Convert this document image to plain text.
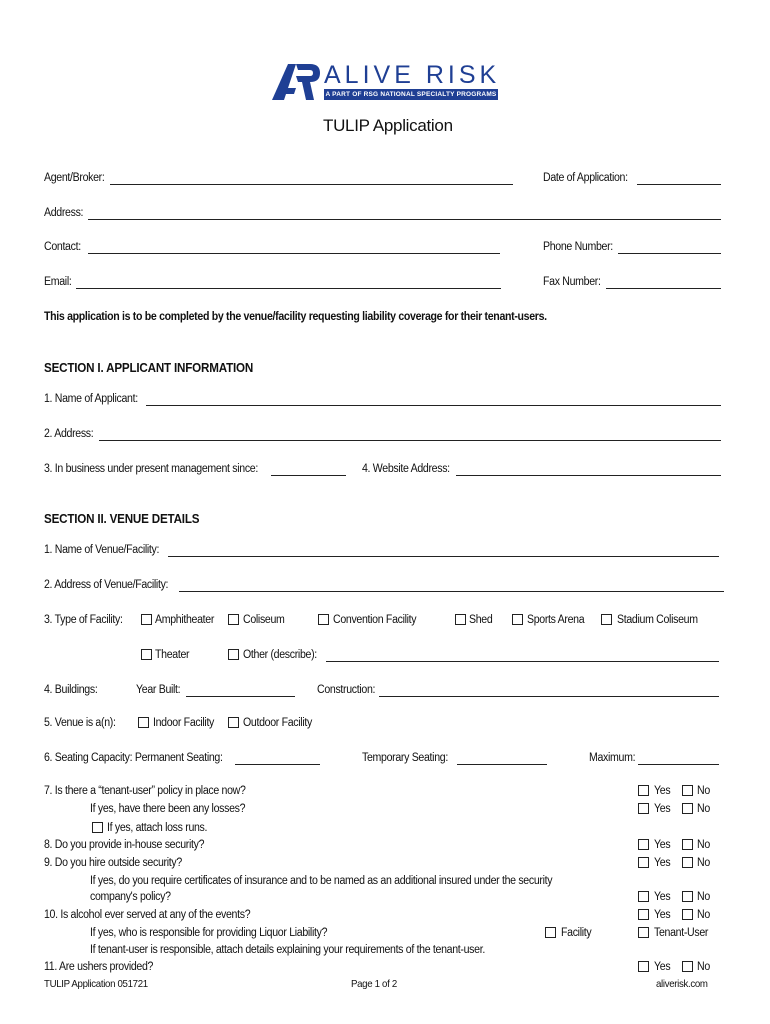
ALIVE RISK
A PART OF RSG NATIONAL SPECIALTY PROGRAMS
TULIP Application
Agent/Broker:	Date of Application:
Address:
Contact:	Phone Number:
Email:	Fax Number:
This application is to be completed by the venue/facility requesting liability coverage for their tenant-users.
SECTION I. APPLICANT INFORMATION
1. Name of Applicant:
2. Address:
3. In business under present management since:	4. Website Address:
SECTION II. VENUE DETAILS
1. Name of Venue/Facility:
2. Address of Venue/Facility:
3. Type of Facility:	Amphitheater	Coliseum	Convention Facility	Shed	Sports Arena	Stadium Coliseum
Theater	Other (describe):
4. Buildings:	Year Built:	Construction:
5. Venue is a(n):	Indoor Facility	Outdoor Facility
6. Seating Capacity: Permanent Seating:	Temporary Seating:	Maximum:
7. Is there a “tenant-user” policy in place now?	Yes No
If yes, have there been any losses?	Yes No
If yes, attach loss runs.
8. Do you provide in-house security?	Yes No
9. Do you hire outside security?	Yes No
If yes, do you require certificates of insurance and to be named as an additional insured under the security
company's policy?	Yes No
10. Is alcohol ever served at any of the events?	Yes No
If yes, who is responsible for providing Liquor Liability?	Facility	Tenant-User
If tenant-user is responsible, attach details explaining your requirements of the tenant-user.
11. Are ushers provided?	Yes No
TULIP Application 051721	Page 1 of 2	aliverisk.com
